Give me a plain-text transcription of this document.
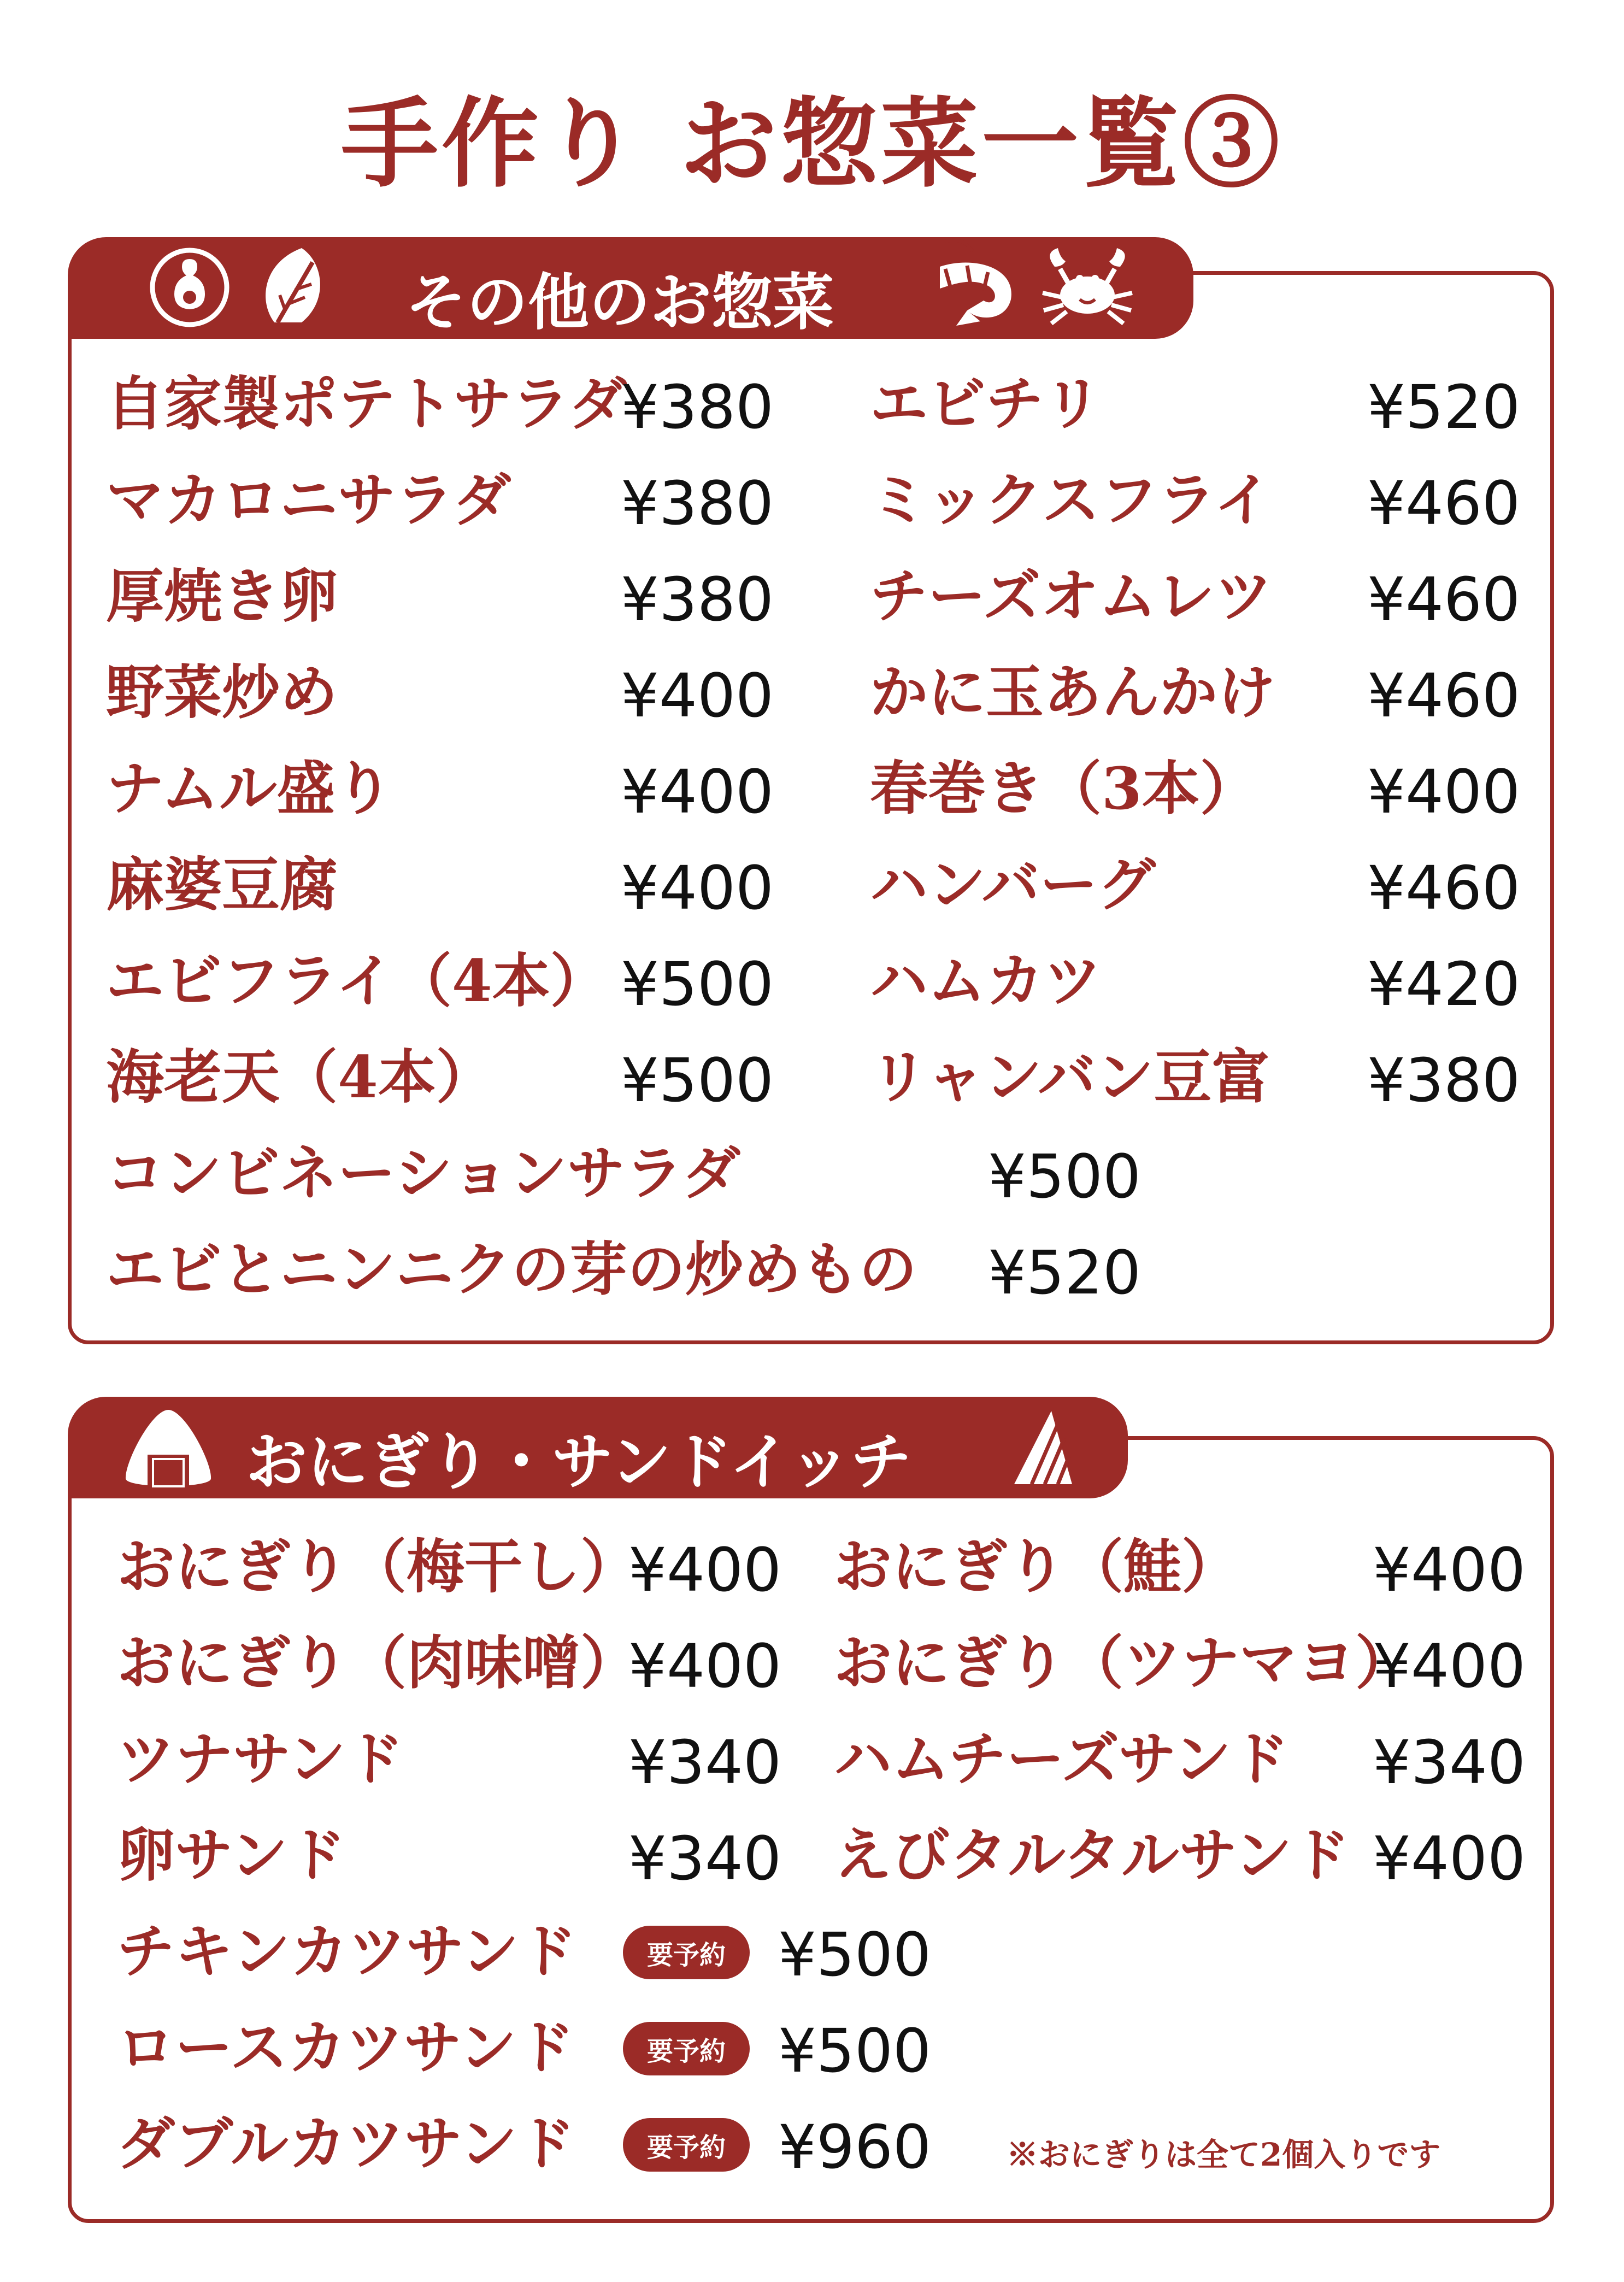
手作り お惣菜一覧③
その他のお惣菜
自家製ポテトサラダ
¥380
マカロニサラダ ¥380
厚焼き卵	¥380
野菜炒め	¥400
ナムル盛り	¥400
麻婆豆腐	¥400
エビフライ（4本） ¥500
海老天（4本） ¥500
エビチリ	¥520
ミックスフライ ¥460
チーズオムレツ ¥460
かに玉あんかけ ¥460
春巻き（3本） ¥400
ハンバーグ	¥460
ハムカツ	¥420
リャンバン豆富 ¥380
コンビネーションサラダ	¥500
エビとニンニクの芽の炒めもの ¥520
おにぎり・サンドイッチ
おにぎり（梅干し）
¥400
おにぎり（肉味噌）
¥400
ツナサンド	¥340
卵サンド	¥340
おにぎり（鮭） ¥400
おにぎり（ツナマヨ）
¥400
ハムチーズサンド ¥340
えびタルタルサンド ¥400
チキンカツサンド	要予約 ¥500
ロースカツサンド	要予約 ¥500
ダブルカツサンド	要予約 ¥960 ※おにぎりは全て2個入りです
